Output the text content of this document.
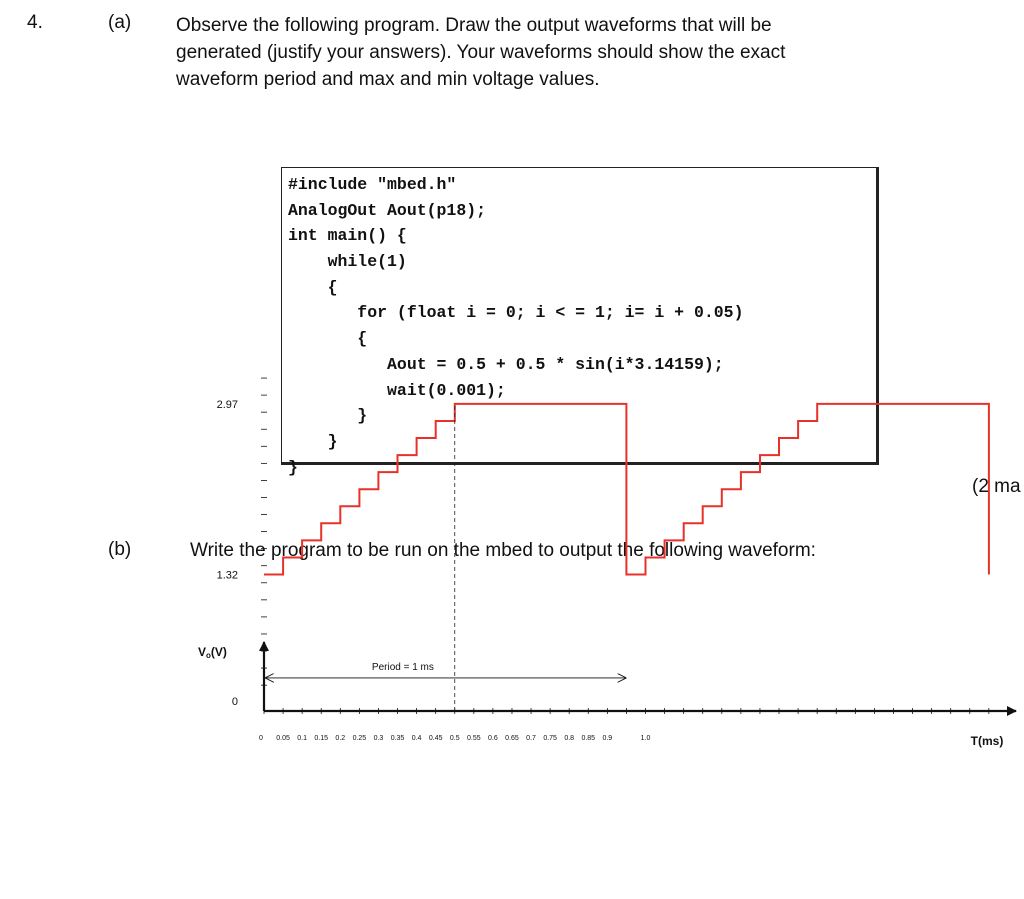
4.	(a) Observe the following program. Draw the output waveforms that will be generated (justify your answers). Your waveforms should show the exact waveform period and max and min voltage values.

#include "mbed.h"
AnalogOut Aout(p18);
int main() {
while(1)
{
for (float i = 0; i < = 1; i= i + 0.05)
{
Aout = 0.5 + 0.5 * sin(i*3.14159);
wait(0.001);
}
}
}
(2 ma
(b)	Write the program to be run on the mbed to output the following waveform:

2.97
1.32
0
0 0.05 0.1 0.15 0.2 0.25 0.3 0.35 0.4 0.45 0.5 0.55 0.6 0.65 0.7 0.75 0.8 0.85 0.9	1.0
Vo(V)
T(ms)
Period = 1 ms
